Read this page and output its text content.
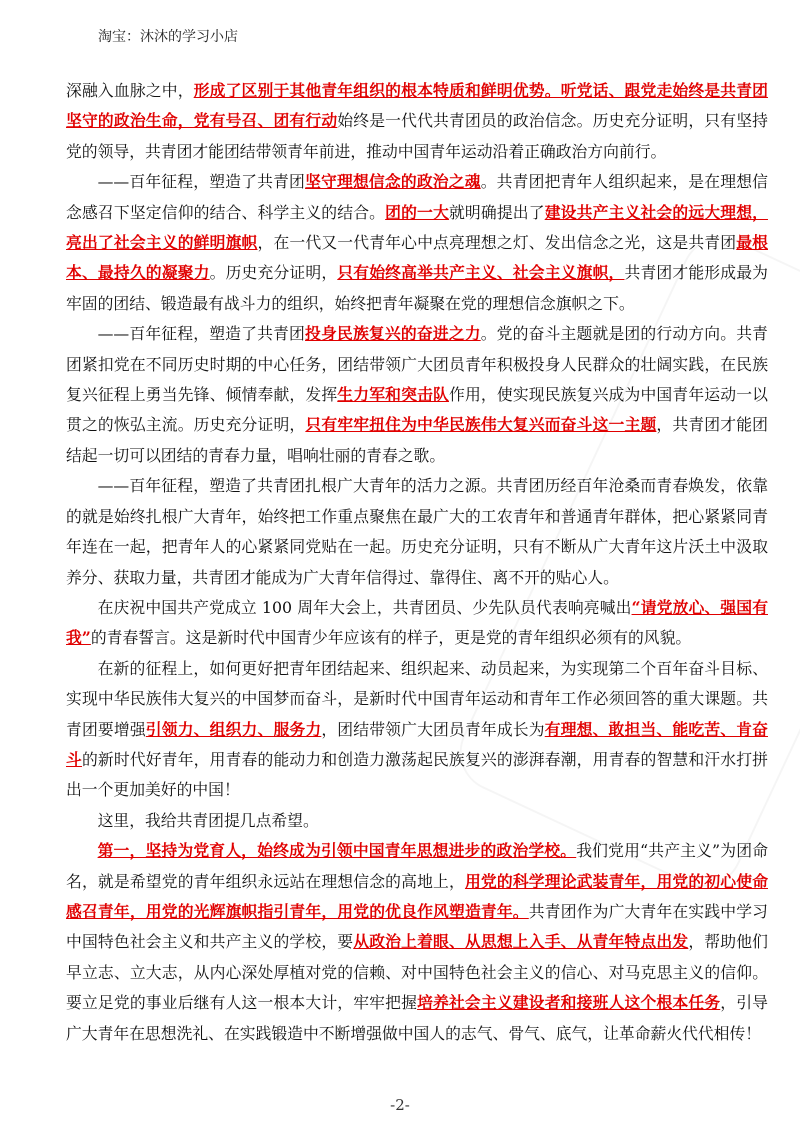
淘宝：沐沐的学习小店

深融入血脉之中，形成了区别于其他青年组织的根本特质和鲜明优势。听党话、跟党走始终是共青团坚守的政治生命，党有号召、团有行动始终是一代代共青团员的政治信念。历史充分证明，只有坚持党的领导，共青团才能团结带领青年前进，推动中国青年运动沿着正确政治方向前行。

——百年征程，塑造了共青团坚守理想信念的政治之魂。共青团把青年人组织起来，是在理想信念感召下坚定信仰的结合、科学主义的结合。团的一大就明确提出了建设共产主义社会的远大理想，亮出了社会主义的鲜明旗帜，在一代又一代青年心中点亮理想之灯、发出信念之光，这是共青团最根本、最持久的凝聚力。历史充分证明，只有始终高举共产主义、社会主义旗帜，共青团才能形成最为牢固的团结、锻造最有战斗力的组织，始终把青年凝聚在党的理想信念旗帜之下。

——百年征程，塑造了共青团投身民族复兴的奋进之力。党的奋斗主题就是团的行动方向。共青团紧扣党在不同历史时期的中心任务，团结带领广大团员青年积极投身人民群众的壮阔实践，在民族复兴征程上勇当先锋、倾情奉献，发挥生力军和突击队作用，使实现民族复兴成为中国青年运动一以贯之的恢弘主流。历史充分证明，只有牢牢扭住为中华民族伟大复兴而奋斗这一主题，共青团才能团结起一切可以团结的青春力量，唱响壮丽的青春之歌。

——百年征程，塑造了共青团扎根广大青年的活力之源。共青团历经百年沧桑而青春焕发，依靠的就是始终扎根广大青年，始终把工作重点聚焦在最广大的工农青年和普通青年群体，把心紧紧同青年连在一起，把青年人的心紧紧同党贴在一起。历史充分证明，只有不断从广大青年这片沃土中汲取养分、获取力量，共青团才能成为广大青年信得过、靠得住、离不开的贴心人。

在庆祝中国共产党成立 100 周年大会上，共青团员、少先队员代表响亮喊出“请党放心、强国有我”的青春誓言。这是新时代中国青少年应该有的样子，更是党的青年组织必须有的风貌。

在新的征程上，如何更好把青年团结起来、组织起来、动员起来，为实现第二个百年奋斗目标、实现中华民族伟大复兴的中国梦而奋斗，是新时代中国青年运动和青年工作必须回答的重大课题。共青团要增强引领力、组织力、服务力，团结带领广大团员青年成长为有理想、敢担当、能吃苦、肯奋斗的新时代好青年，用青春的能动力和创造力激荡起民族复兴的澎湃春潮，用青春的智慧和汗水打拼出一个更加美好的中国！

这里，我给共青团提几点希望。

第一，坚持为党育人，始终成为引领中国青年思想进步的政治学校。我们党用“共产主义”为团命名，就是希望党的青年组织永远站在理想信念的高地上，用党的科学理论武装青年，用党的初心使命感召青年，用党的光辉旗帜指引青年，用党的优良作风塑造青年。共青团作为广大青年在实践中学习中国特色社会主义和共产主义的学校，要从政治上着眼、从思想上入手、从青年特点出发，帮助他们早立志、立大志，从内心深处厚植对党的信赖、对中国特色社会主义的信心、对马克思主义的信仰。要立足党的事业后继有人这一根本大计，牢牢把握培养社会主义建设者和接班人这个根本任务，引导广大青年在思想洗礼、在实践锻造中不断增强做中国人的志气、骨气、底气，让革命薪火代代相传！

-2-
